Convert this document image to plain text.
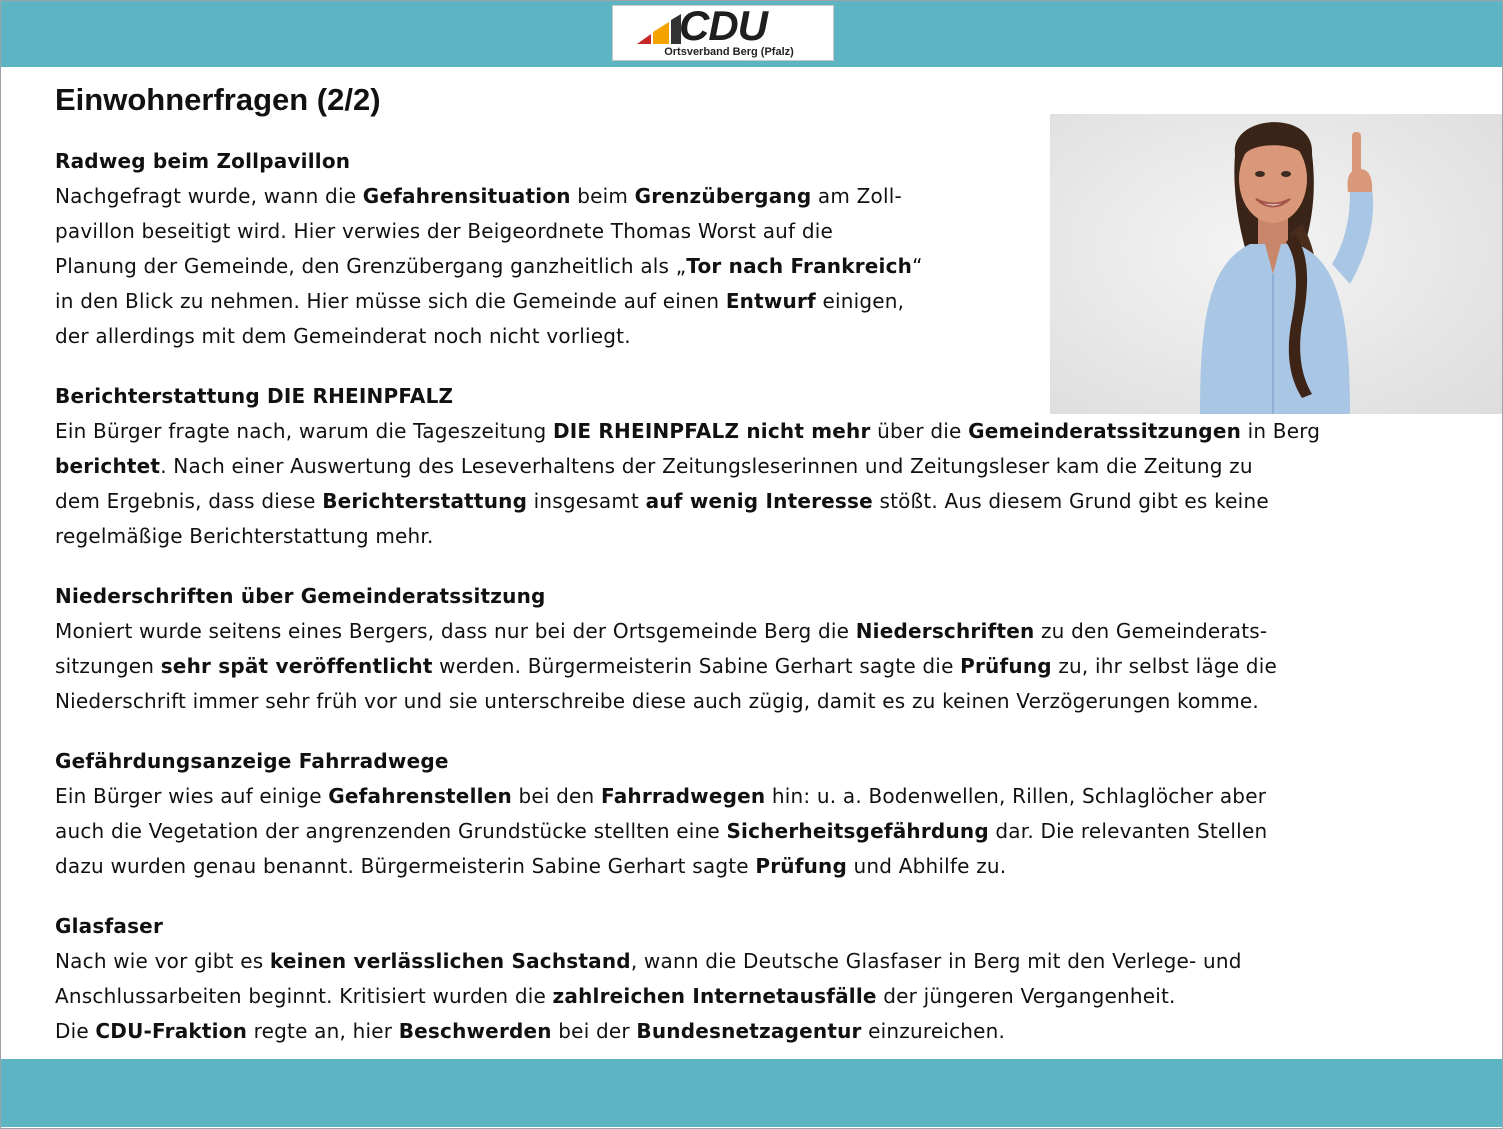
CDU
Ortsverband Berg (Pfalz)
Einwohnerfragen (2/2)
Radweg beim Zollpavillon

Nachgefragt wurde, wann die Gefahrensituation beim Grenzübergang am Zoll-
pavillon beseitigt wird. Hier verwies der Beigeordnete Thomas Worst auf die
Planung der Gemeinde, den Grenzübergang ganzheitlich als „Tor nach Frankreich“
in den Blick zu nehmen. Hier müsse sich die Gemeinde auf einen Entwurf einigen,
der allerdings mit dem Gemeinderat noch nicht vorliegt.

Berichterstattung DIE RHEINPFALZ

Ein Bürger fragte nach, warum die Tageszeitung DIE RHEINPFALZ nicht mehr über die Gemeinderatssitzungen in Berg
berichtet. Nach einer Auswertung des Leseverhaltens der Zeitungsleserinnen und Zeitungsleser kam die Zeitung zu
dem Ergebnis, dass diese Berichterstattung insgesamt auf wenig Interesse stößt. Aus diesem Grund gibt es keine
regelmäßige Berichterstattung mehr.

Niederschriften über Gemeinderatssitzung

Moniert wurde seitens eines Bergers, dass nur bei der Ortsgemeinde Berg die Niederschriften zu den Gemeinderats-
sitzungen sehr spät veröffentlicht werden. Bürgermeisterin Sabine Gerhart sagte die Prüfung zu, ihr selbst läge die
Niederschrift immer sehr früh vor und sie unterschreibe diese auch zügig, damit es zu keinen Verzögerungen komme.

Gefährdungsanzeige Fahrradwege

Ein Bürger wies auf einige Gefahrenstellen bei den Fahrradwegen hin: u. a. Bodenwellen, Rillen, Schlaglöcher aber
auch die Vegetation der angrenzenden Grundstücke stellten eine Sicherheitsgefährdung dar. Die relevanten Stellen
dazu wurden genau benannt. Bürgermeisterin Sabine Gerhart sagte Prüfung und Abhilfe zu.

Glasfaser

Nach wie vor gibt es keinen verlässlichen Sachstand, wann die Deutsche Glasfaser in Berg mit den Verlege- und
Anschlussarbeiten beginnt. Kritisiert wurden die zahlreichen Internetausfälle der jüngeren Vergangenheit.
Die CDU-Fraktion regte an, hier Beschwerden bei der Bundesnetzagentur einzureichen.
